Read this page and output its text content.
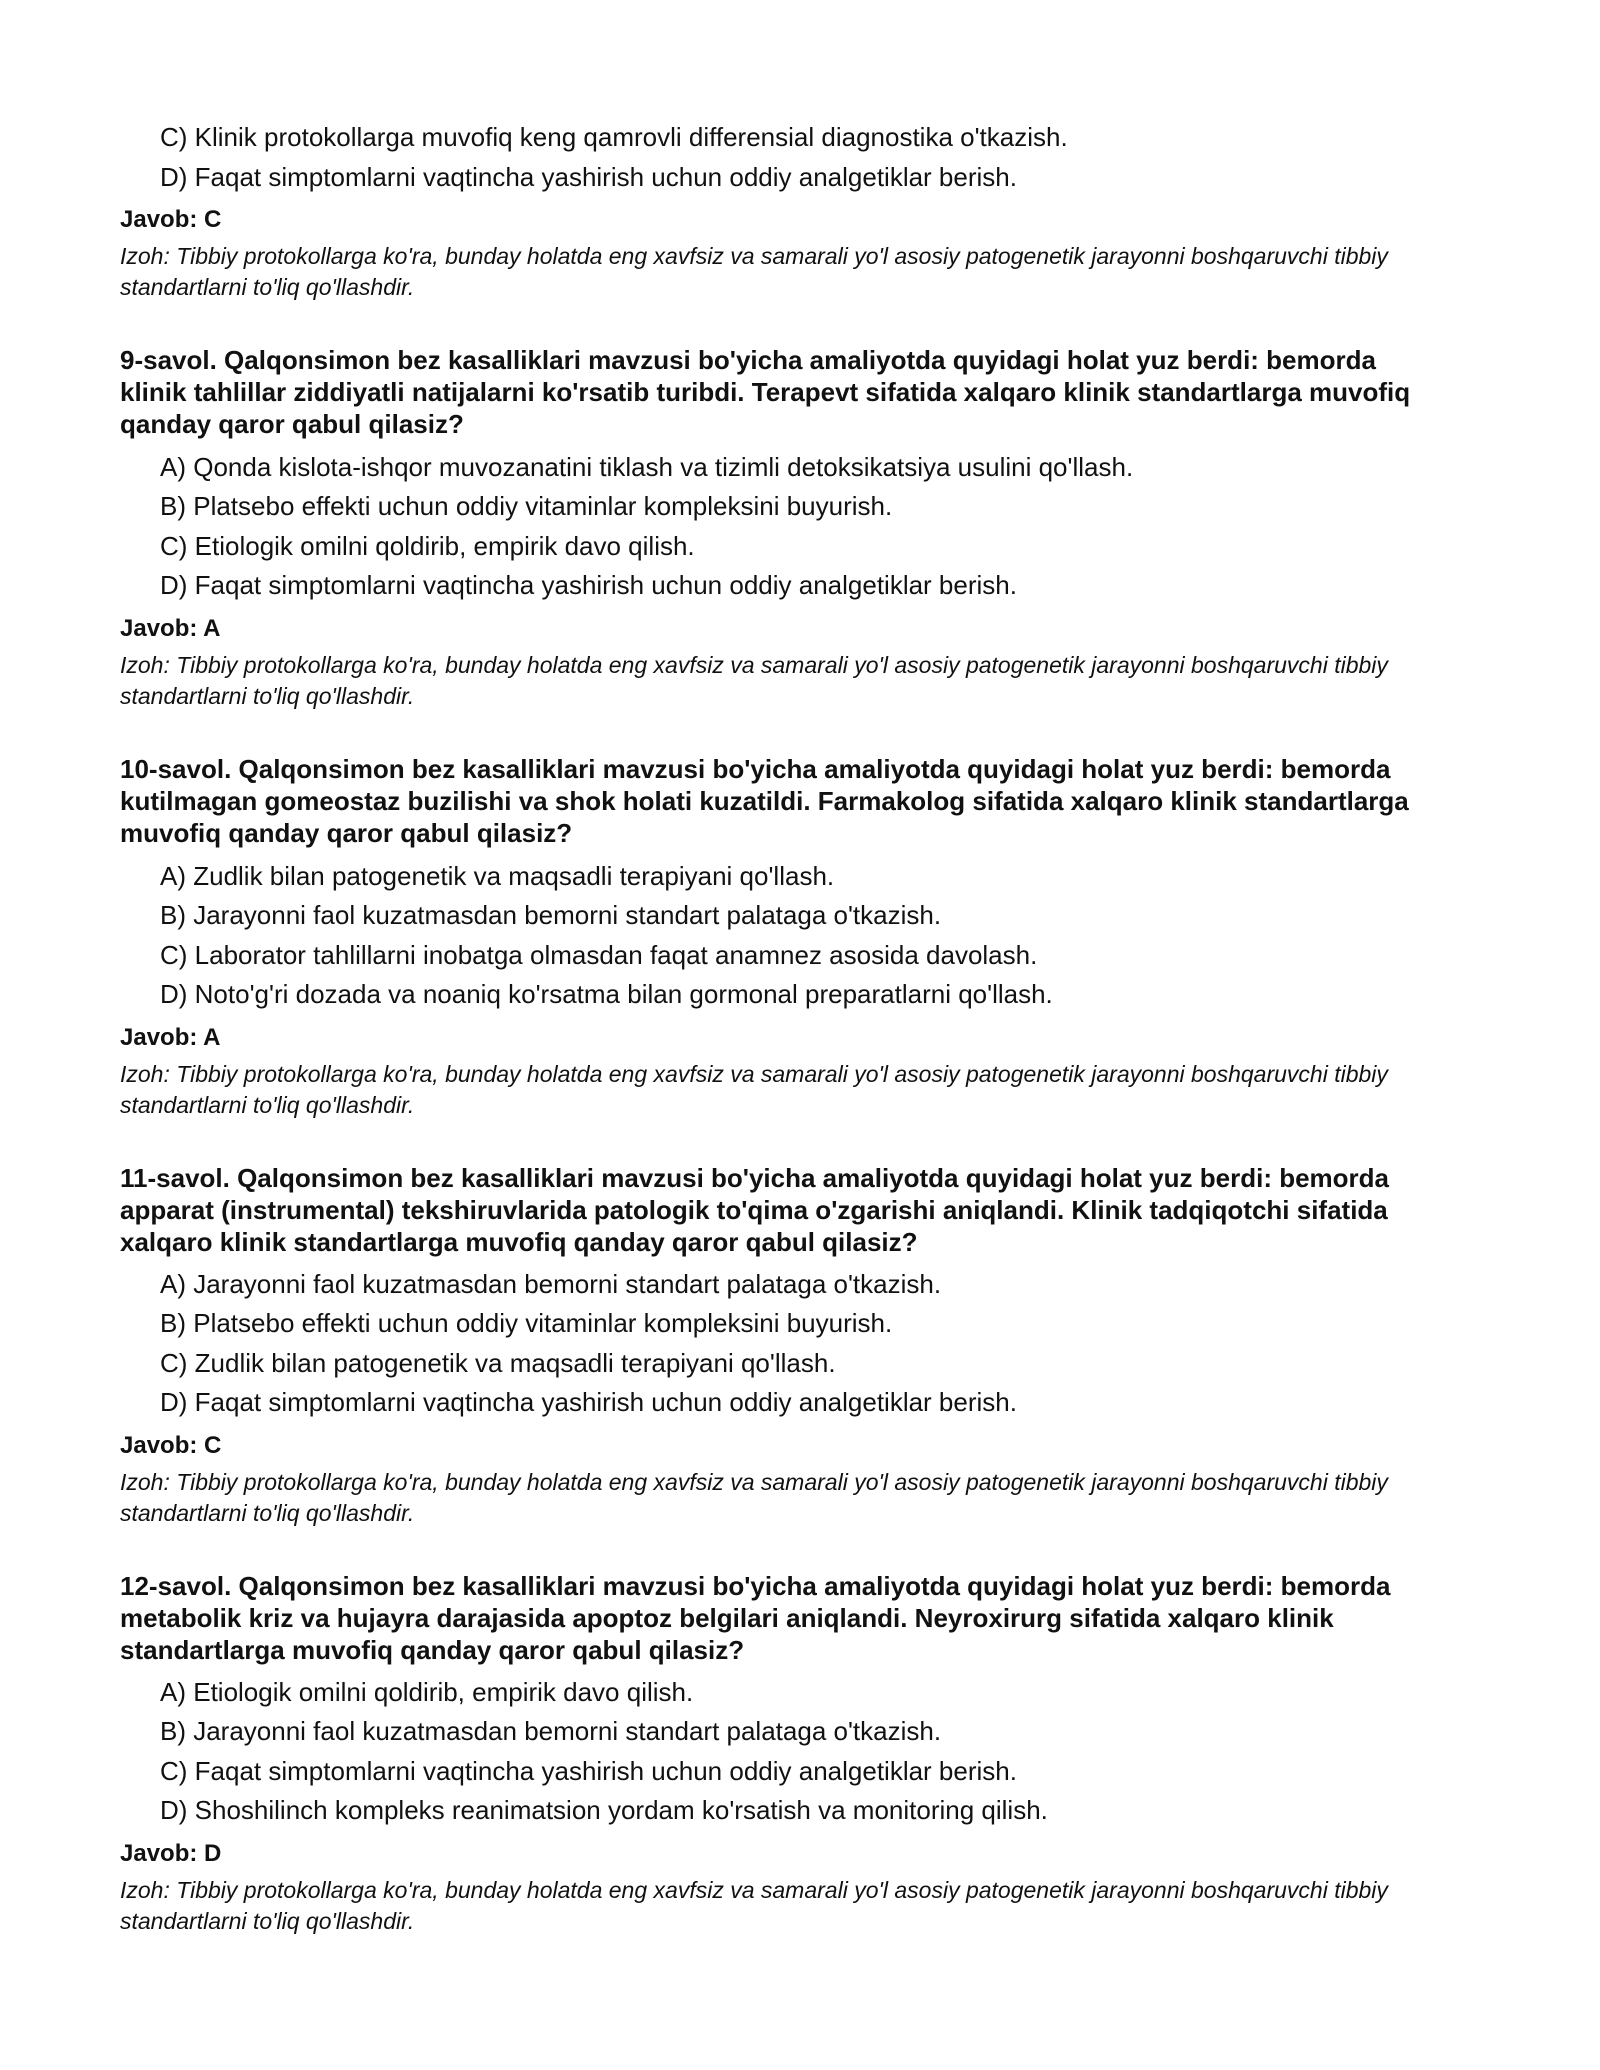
C) Klinik protokollarga muvofiq keng qamrovli differensial diagnostika o'tkazish.
D) Faqat simptomlarni vaqtincha yashirish uchun oddiy analgetiklar berish.
Javob: C
Izoh: Tibbiy protokollarga ko'ra, bunday holatda eng xavfsiz va samarali yo'l asosiy patogenetik jarayonni boshqaruvchi tibbiy standartlarni to'liq qo'llashdir.
9-savol. Qalqonsimon bez kasalliklari mavzusi bo'yicha amaliyotda quyidagi holat yuz berdi: bemorda klinik tahlillar ziddiyatli natijalarni ko'rsatib turibdi. Terapevt sifatida xalqaro klinik standartlarga muvofiq qanday qaror qabul qilasiz?
A) Qonda kislota-ishqor muvozanatini tiklash va tizimli detoksikatsiya usulini qo'llash.
B) Platsebo effekti uchun oddiy vitaminlar kompleksini buyurish.
C) Etiologik omilni qoldirib, empirik davo qilish.
D) Faqat simptomlarni vaqtincha yashirish uchun oddiy analgetiklar berish.
Javob: A
Izoh: Tibbiy protokollarga ko'ra, bunday holatda eng xavfsiz va samarali yo'l asosiy patogenetik jarayonni boshqaruvchi tibbiy standartlarni to'liq qo'llashdir.
10-savol. Qalqonsimon bez kasalliklari mavzusi bo'yicha amaliyotda quyidagi holat yuz berdi: bemorda kutilmagan gomeostaz buzilishi va shok holati kuzatildi. Farmakolog sifatida xalqaro klinik standartlarga muvofiq qanday qaror qabul qilasiz?
A) Zudlik bilan patogenetik va maqsadli terapiyani qo'llash.
B) Jarayonni faol kuzatmasdan bemorni standart palataga o'tkazish.
C) Laborator tahlillarni inobatga olmasdan faqat anamnez asosida davolash.
D) Noto'g'ri dozada va noaniq ko'rsatma bilan gormonal preparatlarni qo'llash.
Javob: A
Izoh: Tibbiy protokollarga ko'ra, bunday holatda eng xavfsiz va samarali yo'l asosiy patogenetik jarayonni boshqaruvchi tibbiy standartlarni to'liq qo'llashdir.
11-savol. Qalqonsimon bez kasalliklari mavzusi bo'yicha amaliyotda quyidagi holat yuz berdi: bemorda apparat (instrumental) tekshiruvlarida patologik to'qima o'zgarishi aniqlandi. Klinik tadqiqotchi sifatida xalqaro klinik standartlarga muvofiq qanday qaror qabul qilasiz?
A) Jarayonni faol kuzatmasdan bemorni standart palataga o'tkazish.
B) Platsebo effekti uchun oddiy vitaminlar kompleksini buyurish.
C) Zudlik bilan patogenetik va maqsadli terapiyani qo'llash.
D) Faqat simptomlarni vaqtincha yashirish uchun oddiy analgetiklar berish.
Javob: C
Izoh: Tibbiy protokollarga ko'ra, bunday holatda eng xavfsiz va samarali yo'l asosiy patogenetik jarayonni boshqaruvchi tibbiy standartlarni to'liq qo'llashdir.
12-savol. Qalqonsimon bez kasalliklari mavzusi bo'yicha amaliyotda quyidagi holat yuz berdi: bemorda metabolik kriz va hujayra darajasida apoptoz belgilari aniqlandi. Neyroxirurg sifatida xalqaro klinik standartlarga muvofiq qanday qaror qabul qilasiz?
A) Etiologik omilni qoldirib, empirik davo qilish.
B) Jarayonni faol kuzatmasdan bemorni standart palataga o'tkazish.
C) Faqat simptomlarni vaqtincha yashirish uchun oddiy analgetiklar berish.
D) Shoshilinch kompleks reanimatsion yordam ko'rsatish va monitoring qilish.
Javob: D
Izoh: Tibbiy protokollarga ko'ra, bunday holatda eng xavfsiz va samarali yo'l asosiy patogenetik jarayonni boshqaruvchi tibbiy standartlarni to'liq qo'llashdir.
